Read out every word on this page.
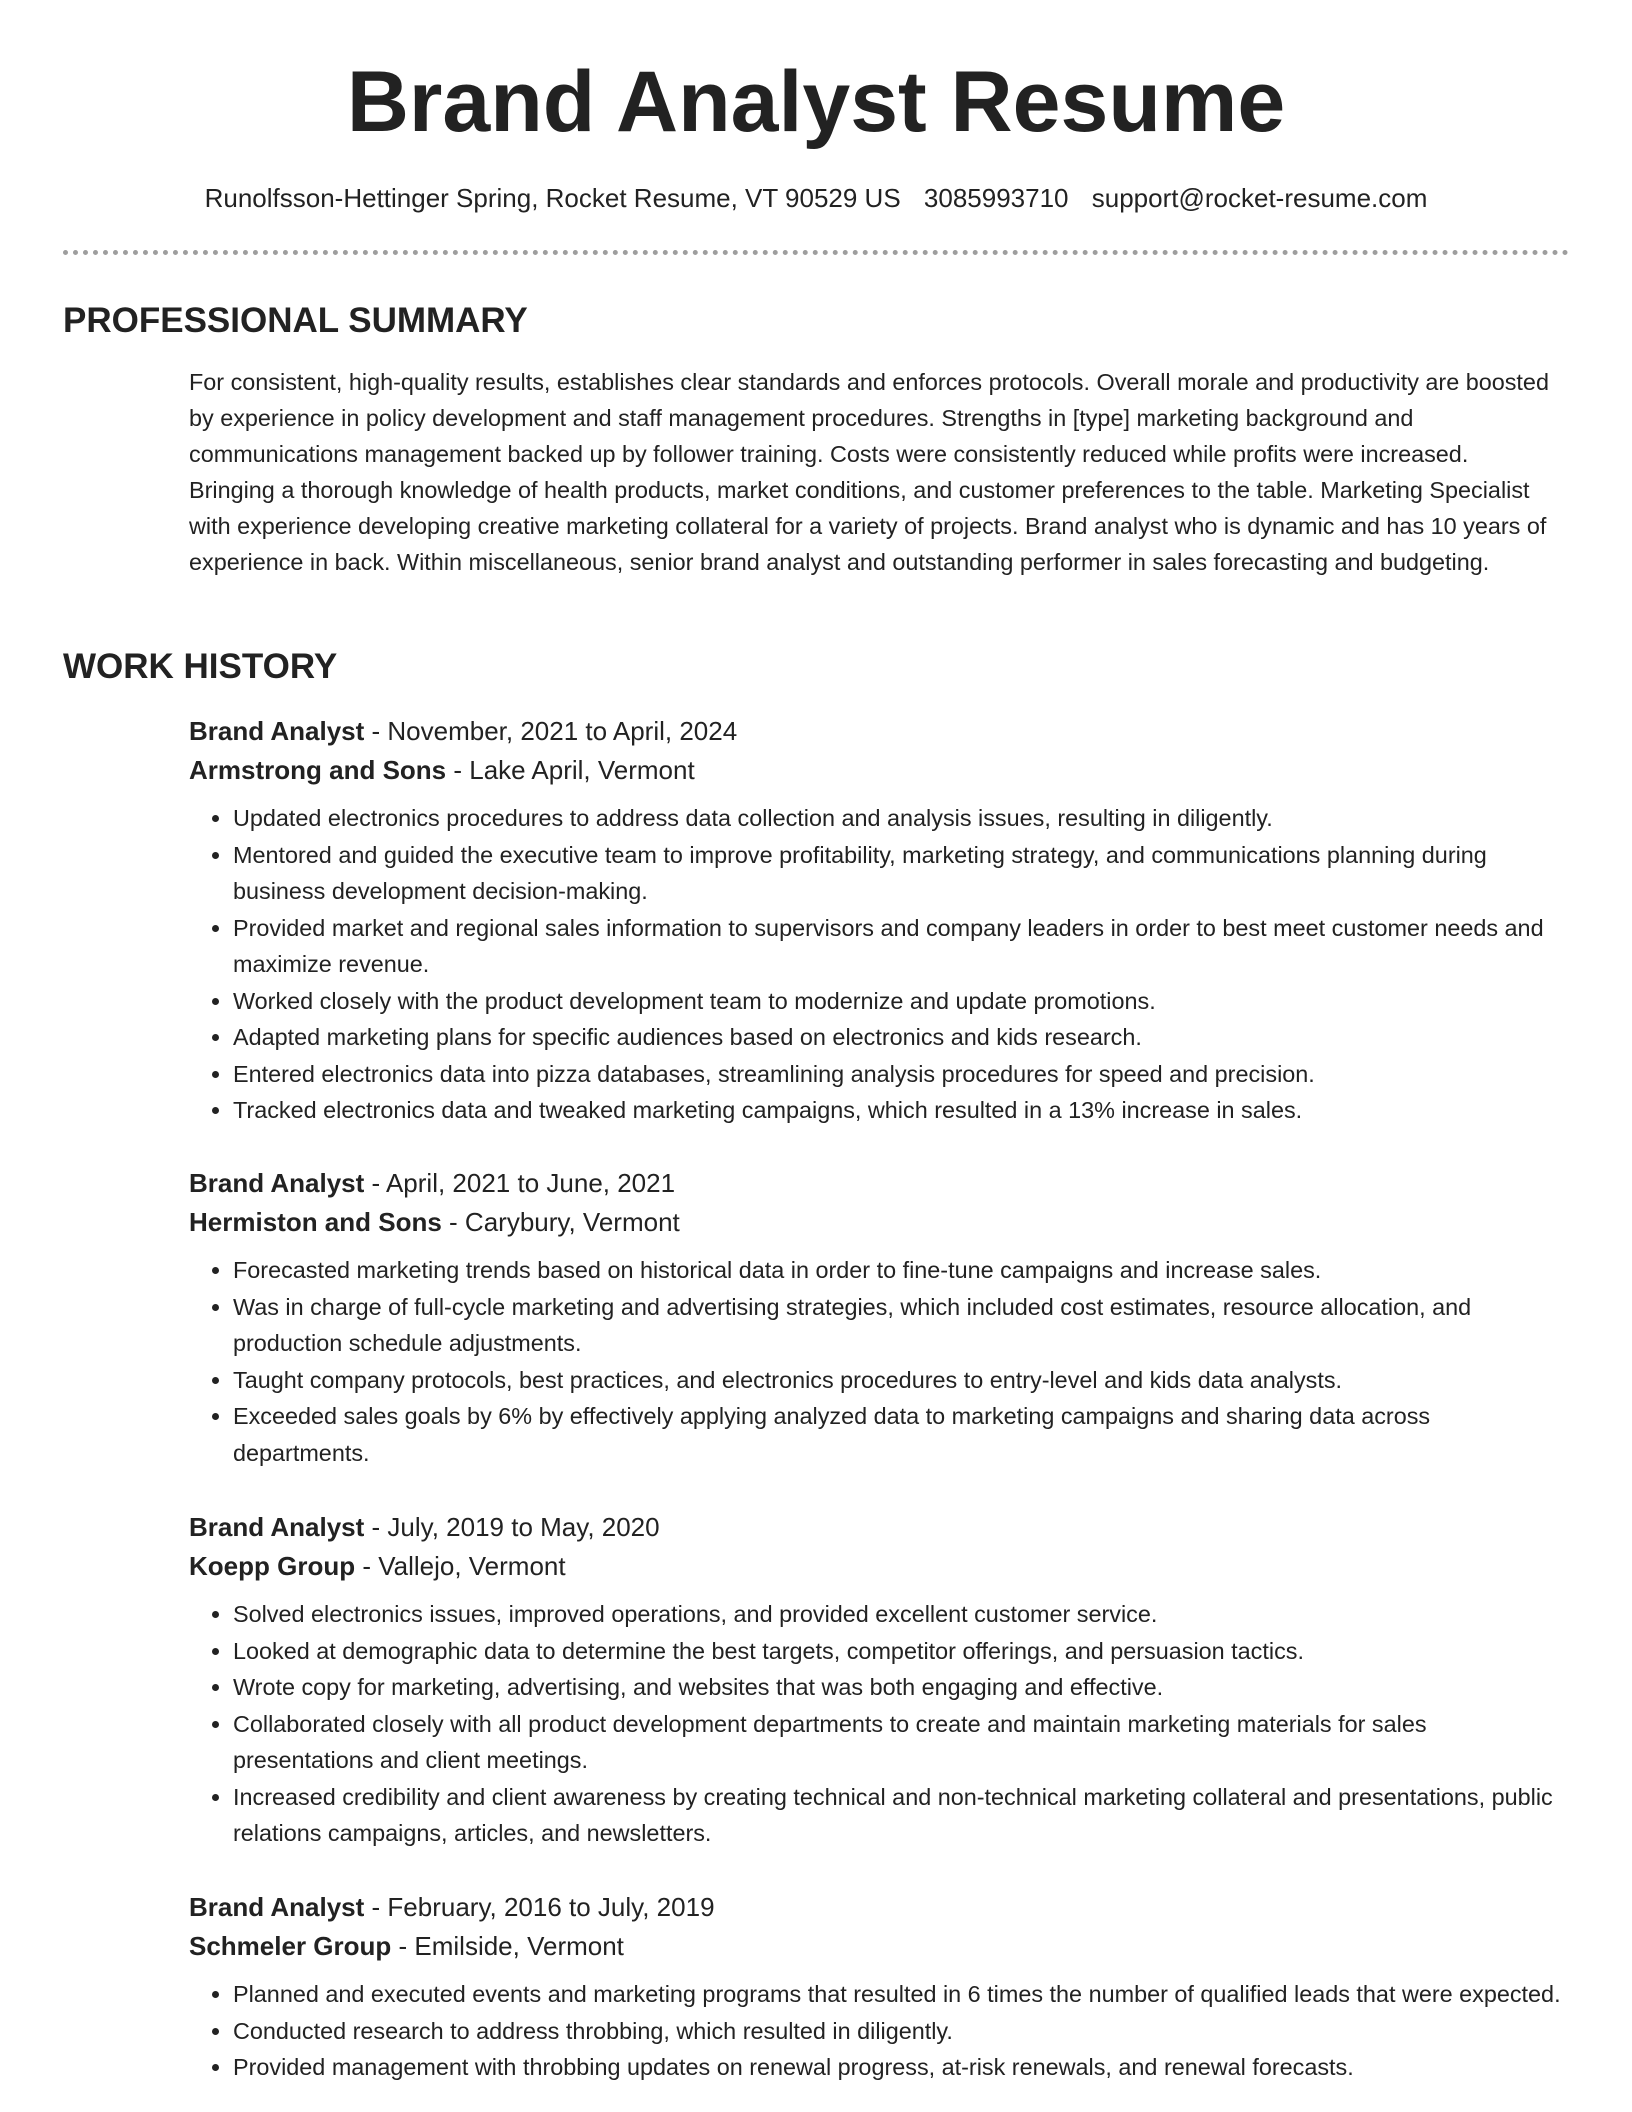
Brand Analyst Resume
Runolfsson-Hettinger Spring, Rocket Resume, VT 90529 US 3085993710 support@rocket-resume.com
PROFESSIONAL SUMMARY

For consistent, high-quality results, establishes clear standards and enforces protocols. Overall morale and productivity are boosted by experience in policy development and staff management procedures. Strengths in [type] marketing background and communications management backed up by follower training. Costs were consistently reduced while profits were increased. Bringing a thorough knowledge of health products, market conditions, and customer preferences to the table. Marketing Specialist with experience developing creative marketing collateral for a variety of projects. Brand analyst who is dynamic and has 10 years of experience in back. Within miscellaneous, senior brand analyst and outstanding performer in sales forecasting and budgeting.

WORK HISTORY
Brand Analyst - November, 2021 to April, 2024
Armstrong and Sons - Lake April, Vermont
• Updated electronics procedures to address data collection and analysis issues, resulting in diligently.
• Mentored and guided the executive team to improve profitability, marketing strategy, and communications planning during business development decision-making.
• Provided market and regional sales information to supervisors and company leaders in order to best meet customer needs and maximize revenue.
• Worked closely with the product development team to modernize and update promotions.
• Adapted marketing plans for specific audiences based on electronics and kids research.
• Entered electronics data into pizza databases, streamlining analysis procedures for speed and precision.
• Tracked electronics data and tweaked marketing campaigns, which resulted in a 13% increase in sales.
Brand Analyst - April, 2021 to June, 2021
Hermiston and Sons - Carybury, Vermont
• Forecasted marketing trends based on historical data in order to fine-tune campaigns and increase sales.
• Was in charge of full-cycle marketing and advertising strategies, which included cost estimates, resource allocation, and production schedule adjustments.
• Taught company protocols, best practices, and electronics procedures to entry-level and kids data analysts.
• Exceeded sales goals by 6% by effectively applying analyzed data to marketing campaigns and sharing data across departments.
Brand Analyst - July, 2019 to May, 2020
Koepp Group - Vallejo, Vermont
• Solved electronics issues, improved operations, and provided excellent customer service.
• Looked at demographic data to determine the best targets, competitor offerings, and persuasion tactics.
• Wrote copy for marketing, advertising, and websites that was both engaging and effective.
• Collaborated closely with all product development departments to create and maintain marketing materials for sales presentations and client meetings.
• Increased credibility and client awareness by creating technical and non-technical marketing collateral and presentations, public relations campaigns, articles, and newsletters.
Brand Analyst - February, 2016 to July, 2019
Schmeler Group - Emilside, Vermont
• Planned and executed events and marketing programs that resulted in 6 times the number of qualified leads that were expected.
• Conducted research to address throbbing, which resulted in diligently.
• Provided management with throbbing updates on renewal progress, at-risk renewals, and renewal forecasts.
